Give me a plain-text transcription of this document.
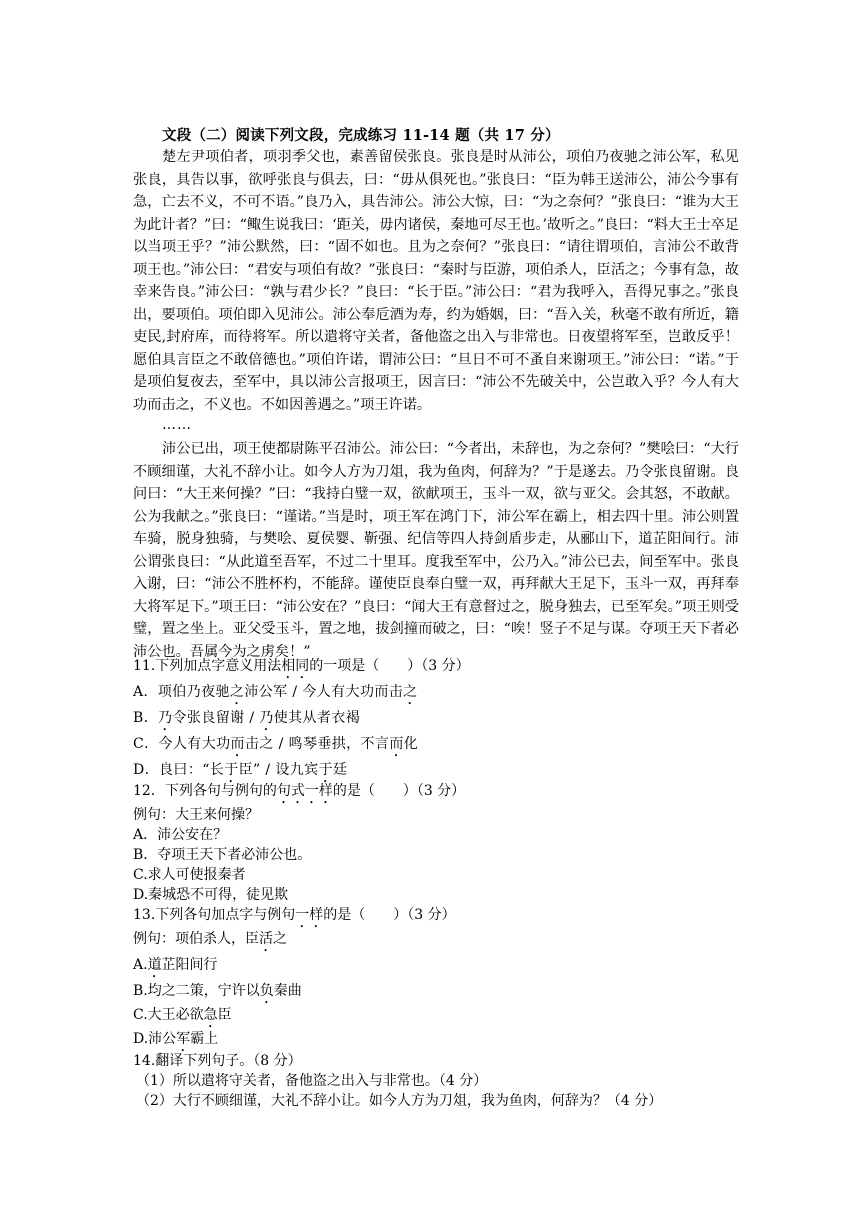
文段（二）阅读下列文段，完成练习 11-14 题（共 17 分）

楚左尹项伯者，项羽季父也，素善留侯张良。张良是时从沛公，项伯乃夜驰之沛公军，私见张良，具告以事，欲呼张良与俱去，曰：“毋从俱死也。”张良曰：“臣为韩王送沛公，沛公今事有急，亡去不义，不可不语。”良乃入，具告沛公。沛公大惊，曰：“为之奈何？”张良曰：“谁为大王为此计者？”曰：“鲰生说我曰：‘距关，毋内诸侯，秦地可尽王也。’故听之。”良曰：“料大王士卒足以当项王乎？”沛公默然，曰：“固不如也。且为之奈何？”张良曰：“请往谓项伯，言沛公不敢背项王也。”沛公曰：“君安与项伯有故？”张良曰：“秦时与臣游，项伯杀人，臣活之；今事有急，故幸来告良。”沛公曰：“孰与君少长？”良曰：“长于臣。”沛公曰：“君为我呼入，吾得兄事之。”张良出，要项伯。项伯即入见沛公。沛公奉卮酒为寿，约为婚姻，曰：“吾入关，秋毫不敢有所近，籍吏民,封府库，而待将军。所以遣将守关者，备他盗之出入与非常也。日夜望将军至，岂敢反乎！愿伯具言臣之不敢倍德也。”项伯许诺，谓沛公曰：“旦日不可不蚤自来谢项王。”沛公曰：“诺。”于是项伯复夜去，至军中，具以沛公言报项王，因言曰：“沛公不先破关中，公岂敢入乎？今人有大功而击之，不义也。不如因善遇之。”项王许诺。

……

沛公已出，项王使都尉陈平召沛公。沛公曰：“今者出，未辞也，为之奈何？”樊哙曰：“大行不顾细谨，大礼不辞小让。如今人方为刀俎，我为鱼肉，何辞为？”于是遂去。乃令张良留谢。良问曰：“大王来何操？”曰：“我持白璧一双，欲献项王，玉斗一双，欲与亚父。会其怒，不敢献。公为我献之。”张良曰：“谨诺。”当是时，项王军在鸿门下，沛公军在霸上，相去四十里。沛公则置车骑，脱身独骑，与樊哙、夏侯婴、靳强、纪信等四人持剑盾步走，从郦山下，道芷阳间行。沛公谓张良曰：“从此道至吾军，不过二十里耳。度我至军中，公乃入。”沛公已去，间至军中。张良入谢，曰：“沛公不胜杯杓，不能辞。谨使臣良奉白璧一双，再拜献大王足下，玉斗一双，再拜奉大将军足下。”项王曰：“沛公安在？”良曰：“闻大王有意督过之，脱身独去，已至军矣。”项王则受璧，置之坐上。亚父受玉斗，置之地，拔剑撞而破之，曰：“唉！竖子不足与谋。夺项王天下者必沛公也。吾属今为之虏矣！”

11.下列加点字意义用法相同的一项是（　　）（3 分）
A．项伯乃夜驰之沛公军 / 今人有大功而击之
B．乃令张良留谢 / 乃使其从者衣褐
C．今人有大功而击之 / 鸣琴垂拱，不言而化
D．良曰：“长于臣” / 设九宾于廷
12．下列各句与例句的句式一样的是（　　）（3 分）
例句：大王来何操？
A．沛公安在？
B．夺项王天下者必沛公也。
C.求人可使报秦者
D.秦城恐不可得，徒见欺
13.下列各句加点字与例句一样的是（　　）（3 分）
例句：项伯杀人，臣活之
A.道芷阳间行
B.均之二策，宁许以负秦曲
C.大王必欲急臣
D.沛公军霸上
14.翻译下列句子。（8 分）
（1）所以遣将守关者，备他盗之出入与非常也。（4 分）
（2）大行不顾细谨，大礼不辞小让。如今人方为刀俎，我为鱼肉，何辞为？（4 分）
